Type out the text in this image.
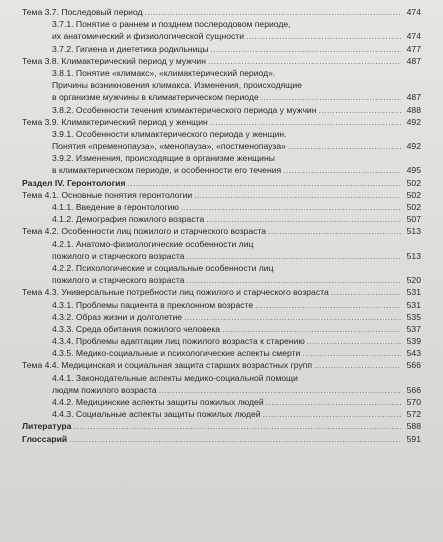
Тема 3.7. Последовый период	474
.....
3.7.1. Понятие о раннем и позднем послеродовом периоде,
их анатомический и физиологической сущности	474
.....
3.7.2. Гигиена и диететика родильницы	477
.....
Тема 3.8. Климактерический период у мужчин	487
.....
3.8.1. Понятие «климакс», «климактерический период».
Причины возникновения климакса. Изменения, происходящие
в организме мужчины в климактерическом периоде	487
.....
3.8.2. Особенности течения климактерического периода у мужчин	488
.....
Тема 3.9. Климактерический период у женщин	492
.....
3.9.1. Особенности климактерического периода у женщин.
Понятия «пременопауза», «менопауза», «постменопауза»	492
.....
3.9.2. Изменения, происходящие в организме женщины
в климактерическом периоде, и особенности его течения	495
.....
Раздел IV. Геронтология	502
.....
Тема 4.1. Основные понятия геронтологии	502
.....
4.1.1. Введение в геронтологию	502
.....
4.1.2. Демография пожилого возраста	507
.....
Тема 4.2. Особенности лиц пожилого и старческого возраста	513
.....
4.2.1. Анатомо-физиологические особенности лиц
пожилого и старческого возраста	513
.....
4.2.2. Психологические и социальные особенности лиц
пожилого и старческого возраста	520
.....
Тема 4.3. Универсальные потребности лиц пожилого и старческого возраста	531
.....
4.3.1. Проблемы пациента в преклонном возрасте	531
.....
4.3.2. Образ жизни и долголетие	535
.....
4.3.3. Среда обитания пожилого человека	537
.....
4.3.4. Проблемы адаптации лиц пожилого возраста к старению	539
.....
4.3.5. Медико-социальные и психологические аспекты смерти	543
.....
Тема 4.4. Медицинская и социальная защита старших возрастных групп	566
.....
4.4.1. Законодательные аспекты медико-социальной помощи
людям пожилого возраста	566
.....
4.4.2. Медицинские аспекты защиты пожилых людей	570
.....
4.4.3. Социальные аспекты защиты пожилых людей	572
.....
Литература	588
.....
Глоссарий	591
.....
